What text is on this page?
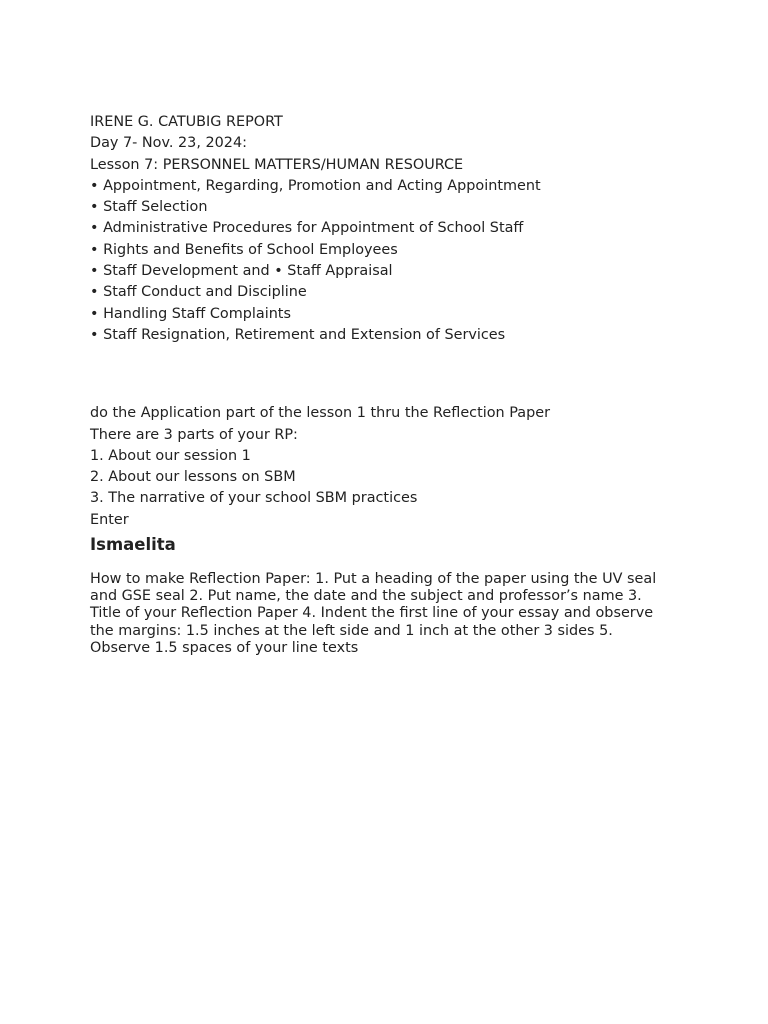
IRENE G. CATUBIG REPORT
Day 7- Nov. 23, 2024:
Lesson 7: PERSONNEL MATTERS/HUMAN RESOURCE
• Appointment, Regarding, Promotion and Acting Appointment
• Staff Selection
• Administrative Procedures for Appointment of School Staff
• Rights and Benefits of School Employees
• Staff Development and • Staff Appraisal
• Staff Conduct and Discipline
• Handling Staff Complaints
• Staff Resignation, Retirement and Extension of Services
do the Application part of the lesson 1 thru the Reflection Paper
There are 3 parts of your RP:
1. About our session 1
2. About our lessons on SBM
3. The narrative of your school SBM practices
Enter
Ismaelita
How to make Reflection Paper: 1. Put a heading of the paper using the UV seal and GSE seal 2. Put name, the date and the subject and professor’s name 3. Title of your Reflection Paper 4. Indent the first line of your essay and observe the margins: 1.5 inches at the left side and 1 inch at the other 3 sides 5. Observe 1.5 spaces of your line texts
